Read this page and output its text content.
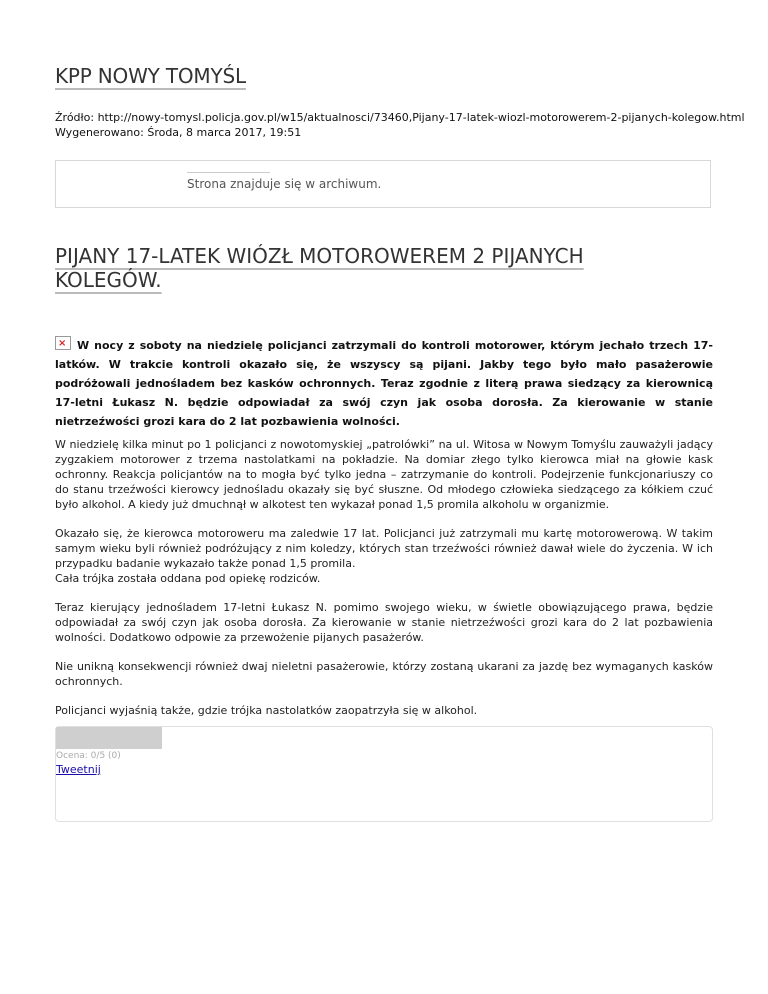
KPP NOWY TOMYŚL
Źródło: http://nowy-tomysl.policja.gov.pl/w15/aktualnosci/73460,Pijany-17-latek-wiozl-motorowerem-2-pijanych-kolegow.html
Wygenerowano: Środa, 8 marca 2017, 19:51
Strona znajduje się w archiwum.
PIJANY 17-LATEK WIÓZŁ MOTOROWEREM 2 PIJANYCH KOLEGÓW.

× W nocy z soboty na niedzielę policjanci zatrzymali do kontroli motorower, którym jechało trzech 17-latków. W trakcie kontroli okazało się, że wszyscy są pijani. Jakby tego było mało pasażerowie podróżowali jednośladem bez kasków ochronnych. Teraz zgodnie z literą prawa siedzący za kierownicą 17-letni Łukasz N. będzie odpowiadał za swój czyn jak osoba dorosła. Za kierowanie w stanie nietrzeźwości grozi kara do 2 lat pozbawienia wolności.

W niedzielę kilka minut po 1 policjanci z nowotomyskiej „patrolówki” na ul. Witosa w Nowym Tomyślu zauważyli jadący zygzakiem motorower z trzema nastolatkami na pokładzie. Na domiar złego tylko kierowca miał na głowie kask ochronny. Reakcja policjantów na to mogła być tylko jedna – zatrzymanie do kontroli. Podejrzenie funkcjonariuszy co do stanu trzeźwości kierowcy jednośladu okazały się być słuszne. Od młodego człowieka siedzącego za kółkiem czuć było alkohol. A kiedy już dmuchnął w alkotest ten wykazał ponad 1,5 promila alkoholu w organizmie.

Okazało się, że kierowca motoroweru ma zaledwie 17 lat. Policjanci już zatrzymali mu kartę motorowerową. W takim samym wieku byli również podróżujący z nim koledzy, których stan trzeźwości również dawał wiele do życzenia. W ich przypadku badanie wykazało także ponad 1,5 promila.
Cała trójka została oddana pod opiekę rodziców.

Teraz kierujący jednośladem 17-letni Łukasz N. pomimo swojego wieku, w świetle obowiązującego prawa, będzie odpowiadał za swój czyn jak osoba dorosła. Za kierowanie w stanie nietrzeźwości grozi kara do 2 lat pozbawienia wolności. Dodatkowo odpowie za przewożenie pijanych pasażerów.

Nie unikną konsekwencji również dwaj nieletni pasażerowie, którzy zostaną ukarani za jazdę bez wymaganych kasków ochronnych.

Policjanci wyjaśnią także, gdzie trójka nastolatków zaopatrzyła się w alkohol.

Ocena: 0/5 (0)
Tweetnij
